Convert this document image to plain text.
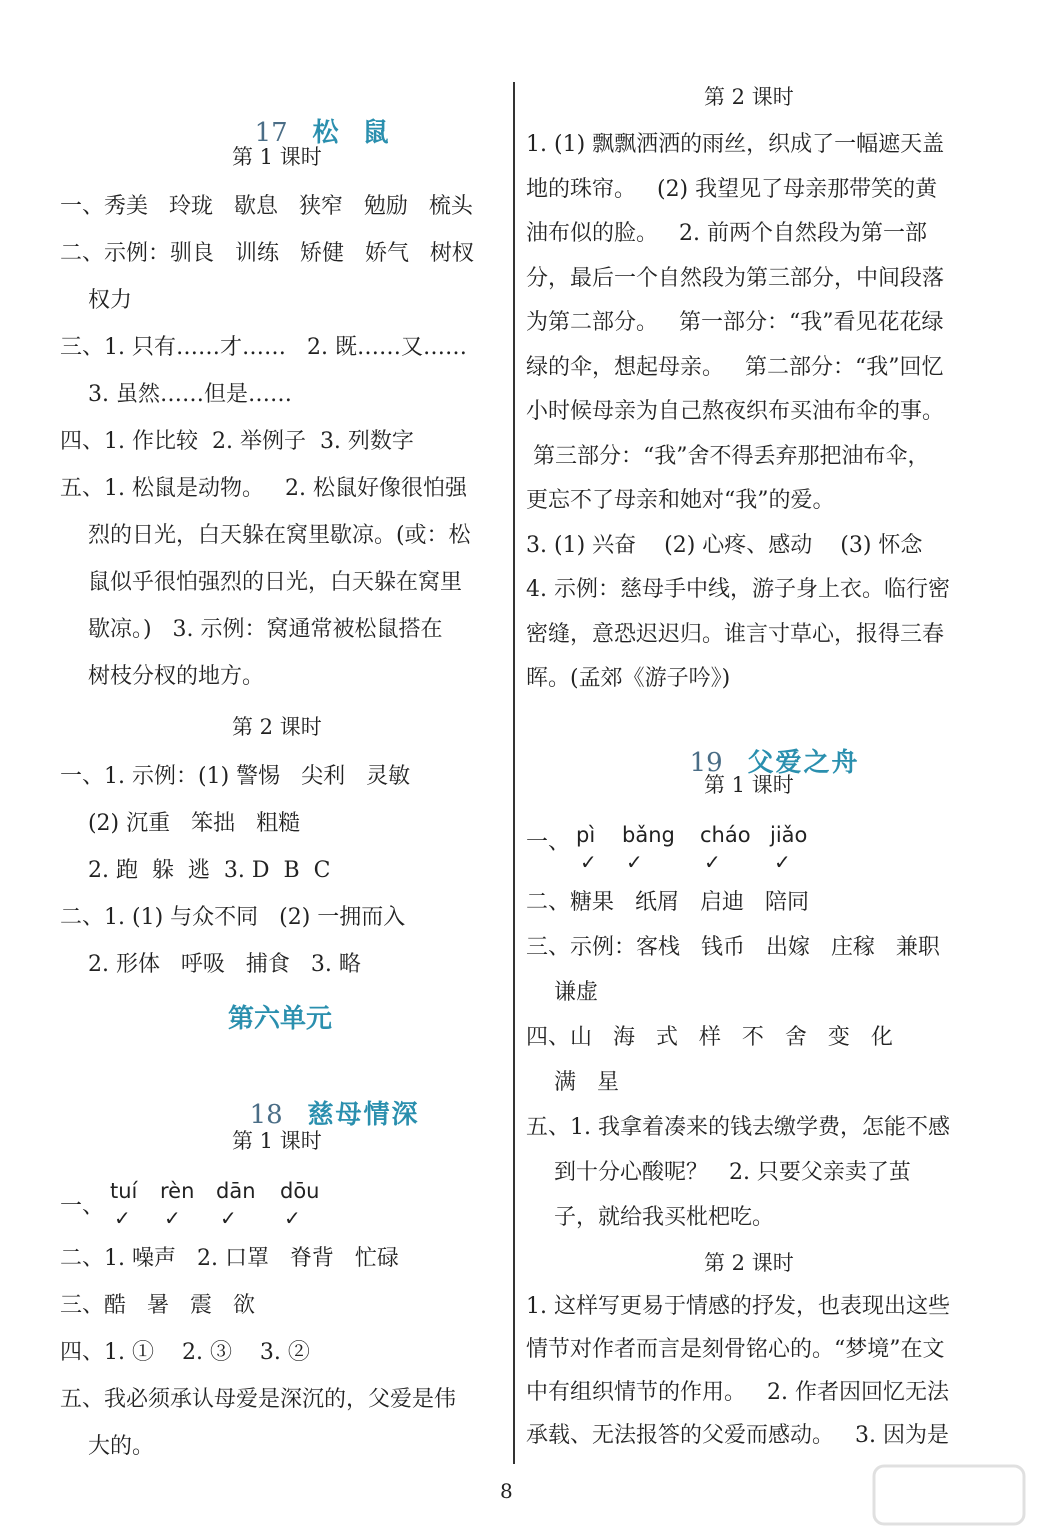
17 松  鼠

第 1 课时
一、秀美   玲珑   歇息   狭窄   勉励   梳头
二、示例：驯良   训练   矫健   娇气   树杈
权力
三、1. 只有……才……   2. 既……又……
3. 虽然……但是……
四、1. 作比较  2. 举例子  3. 列数字
五、1. 松鼠是动物。   2. 松鼠好像很怕强
烈的日光，白天躲在窝里歇凉。(或：松
鼠似乎很怕强烈的日光，白天躲在窝里
歇凉。)   3. 示例：窝通常被松鼠搭在
树枝分杈的地方。
第 2 课时
一、1. 示例：(1) 警惕   尖利   灵敏
(2) 沉重   笨拙   粗糙
2. 跑  躲  逃  3. D  B  C
二、1. (1) 与众不同   (2) 一拥而入
2. 形体   呼吸   捕食   3. 略
第六单元

18 慈母情深

第 1 课时
一、
tuí
✓
rèn
✓
dān
✓
dōu
✓
二、1. 噪声   2. 口罩   脊背   忙碌
三、酷   暑   震   欲
四、1. ①    2. ③    3. ②
五、我必须承认母爱是深沉的，父爱是伟
大的。
第 2 课时
1. (1) 飘飘洒洒的雨丝，织成了一幅遮天盖
地的珠帘。   (2) 我望见了母亲那带笑的黄
油布似的脸。   2. 前两个自然段为第一部
分，最后一个自然段为第三部分，中间段落
为第二部分。   第一部分：“我”看见花花绿
绿的伞，想起母亲。   第二部分：“我”回忆
小时候母亲为自己熬夜织布买油布伞的事。
第三部分：“我”舍不得丢弃那把油布伞，
更忘不了母亲和她对“我”的爱。
3. (1) 兴奋    (2) 心疼、感动    (3) 怀念
4. 示例：慈母手中线，游子身上衣。临行密
密缝，意恐迟迟归。谁言寸草心，报得三春
晖。(孟郊《游子吟》)

19 父爱之舟

第 1 课时
一、 pì
✓
bǎng
✓
cháo
✓
jiǎo
✓
二、糖果   纸屑   启迪   陪同
三、示例：客栈   钱币   出嫁   庄稼   兼职
谦虚
四、山   海   式   样   不   舍   变   化
满   星
五、1. 我拿着凑来的钱去缴学费，怎能不感
到十分心酸呢？   2. 只要父亲卖了茧
子，就给我买枇杷吃。
第 2 课时
1. 这样写更易于情感的抒发，也表现出这些
情节对作者而言是刻骨铭心的。“梦境”在文
中有组织情节的作用。   2. 作者因回忆无法
承载、无法报答的父爱而感动。   3. 因为是
8
